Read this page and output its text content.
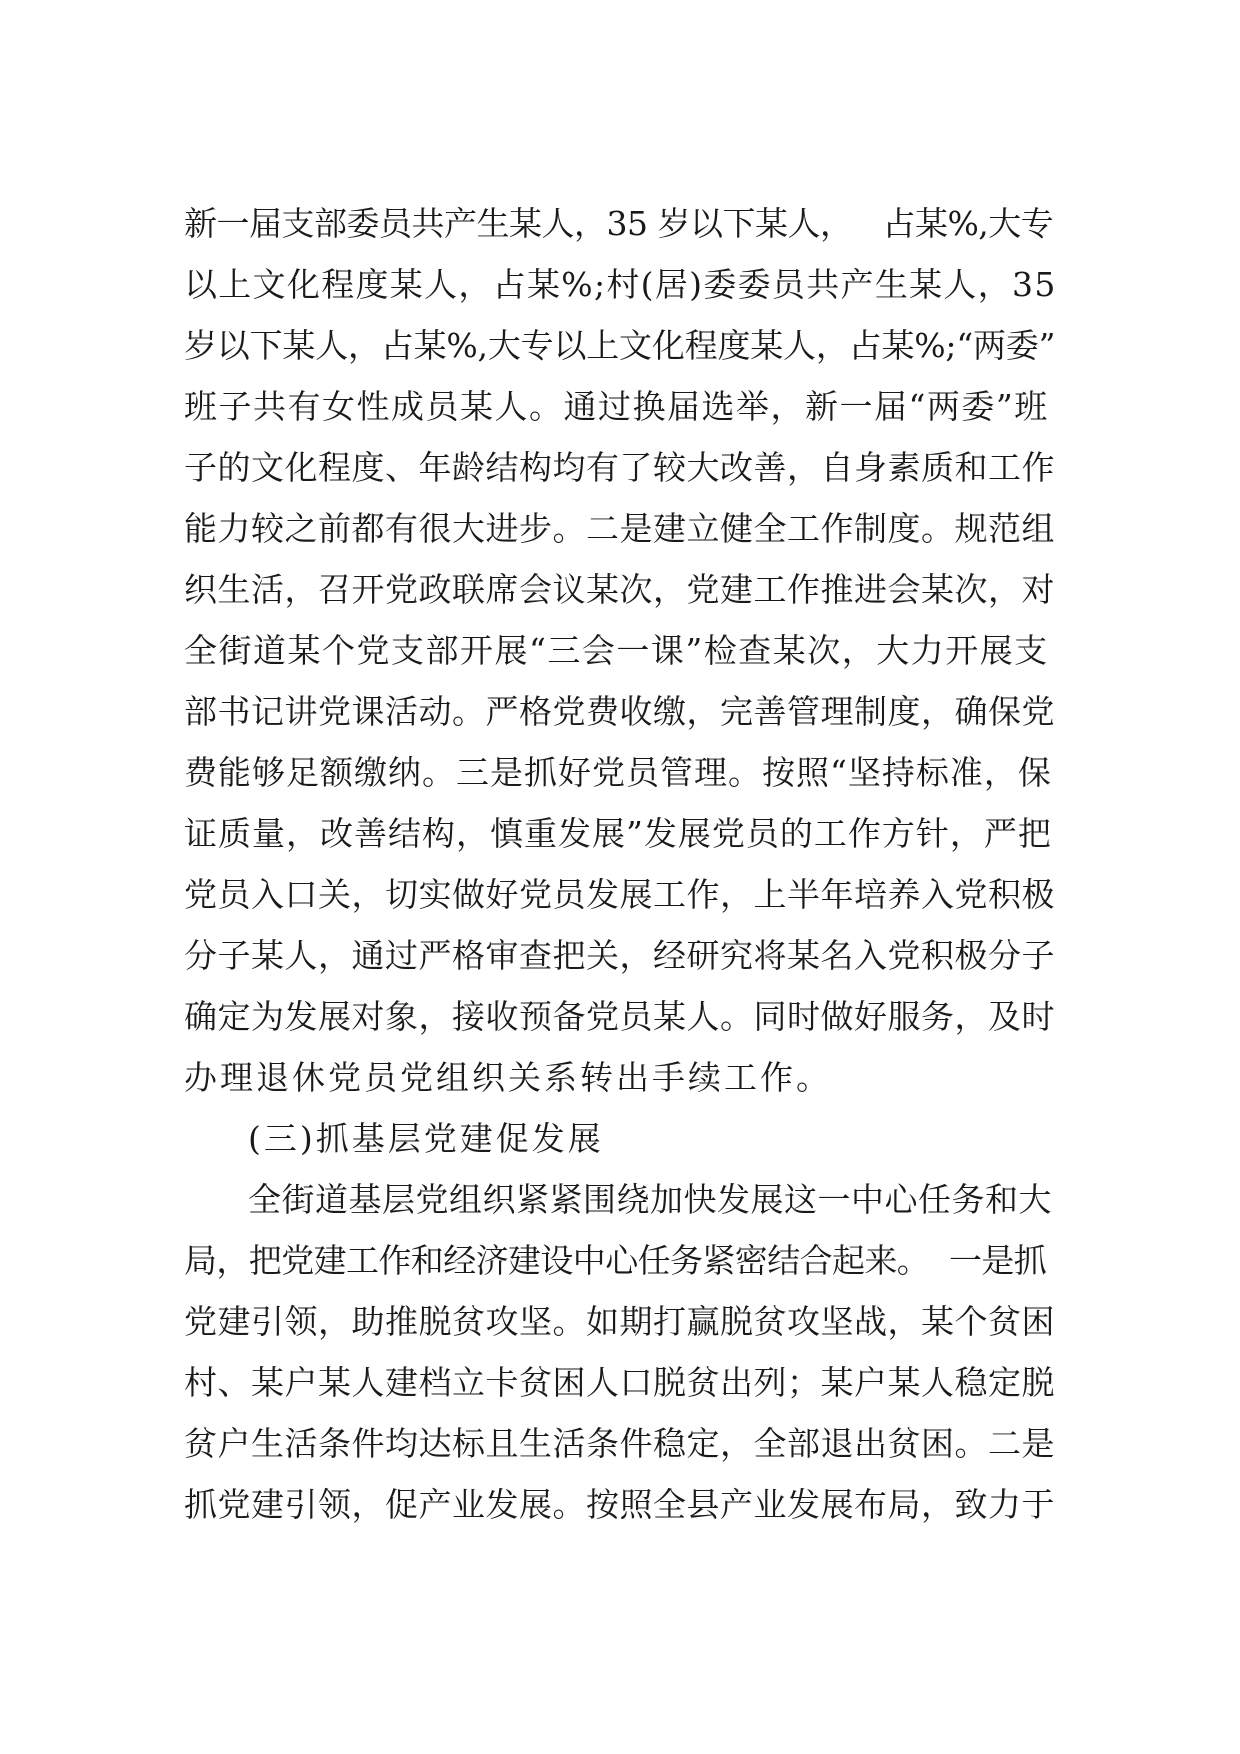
新一届支部委员共产生某人，35 岁以下某人，   占某%,大专

以上文化程度某人，占某%;村(居)委委员共产生某人，35

岁以下某人，占某%,大专以上文化程度某人，占某%;“两委”

班子共有女性成员某人。通过换届选举，新一届“两委”班

子的文化程度、年龄结构均有了较大改善，自身素质和工作

能力较之前都有很大进步。二是建立健全工作制度。规范组

织生活，召开党政联席会议某次，党建工作推进会某次，对

全街道某个党支部开展“三会一课”检查某次，大力开展支

部书记讲党课活动。严格党费收缴，完善管理制度，确保党

费能够足额缴纳。三是抓好党员管理。按照“坚持标准，保

证质量，改善结构，慎重发展”发展党员的工作方针，严把

党员入口关，切实做好党员发展工作，上半年培养入党积极

分子某人，通过严格审查把关，经研究将某名入党积极分子

确定为发展对象，接收预备党员某人。同时做好服务，及时

办理退休党员党组织关系转出手续工作。

(三)抓基层党建促发展

全街道基层党组织紧紧围绕加快发展这一中心任务和大

局，把党建工作和经济建设中心任务紧密结合起来。  一是抓

党建引领，助推脱贫攻坚。如期打赢脱贫攻坚战，某个贫困

村、某户某人建档立卡贫困人口脱贫出列；某户某人稳定脱

贫户生活条件均达标且生活条件稳定，全部退出贫困。二是

抓党建引领，促产业发展。按照全县产业发展布局，致力于
